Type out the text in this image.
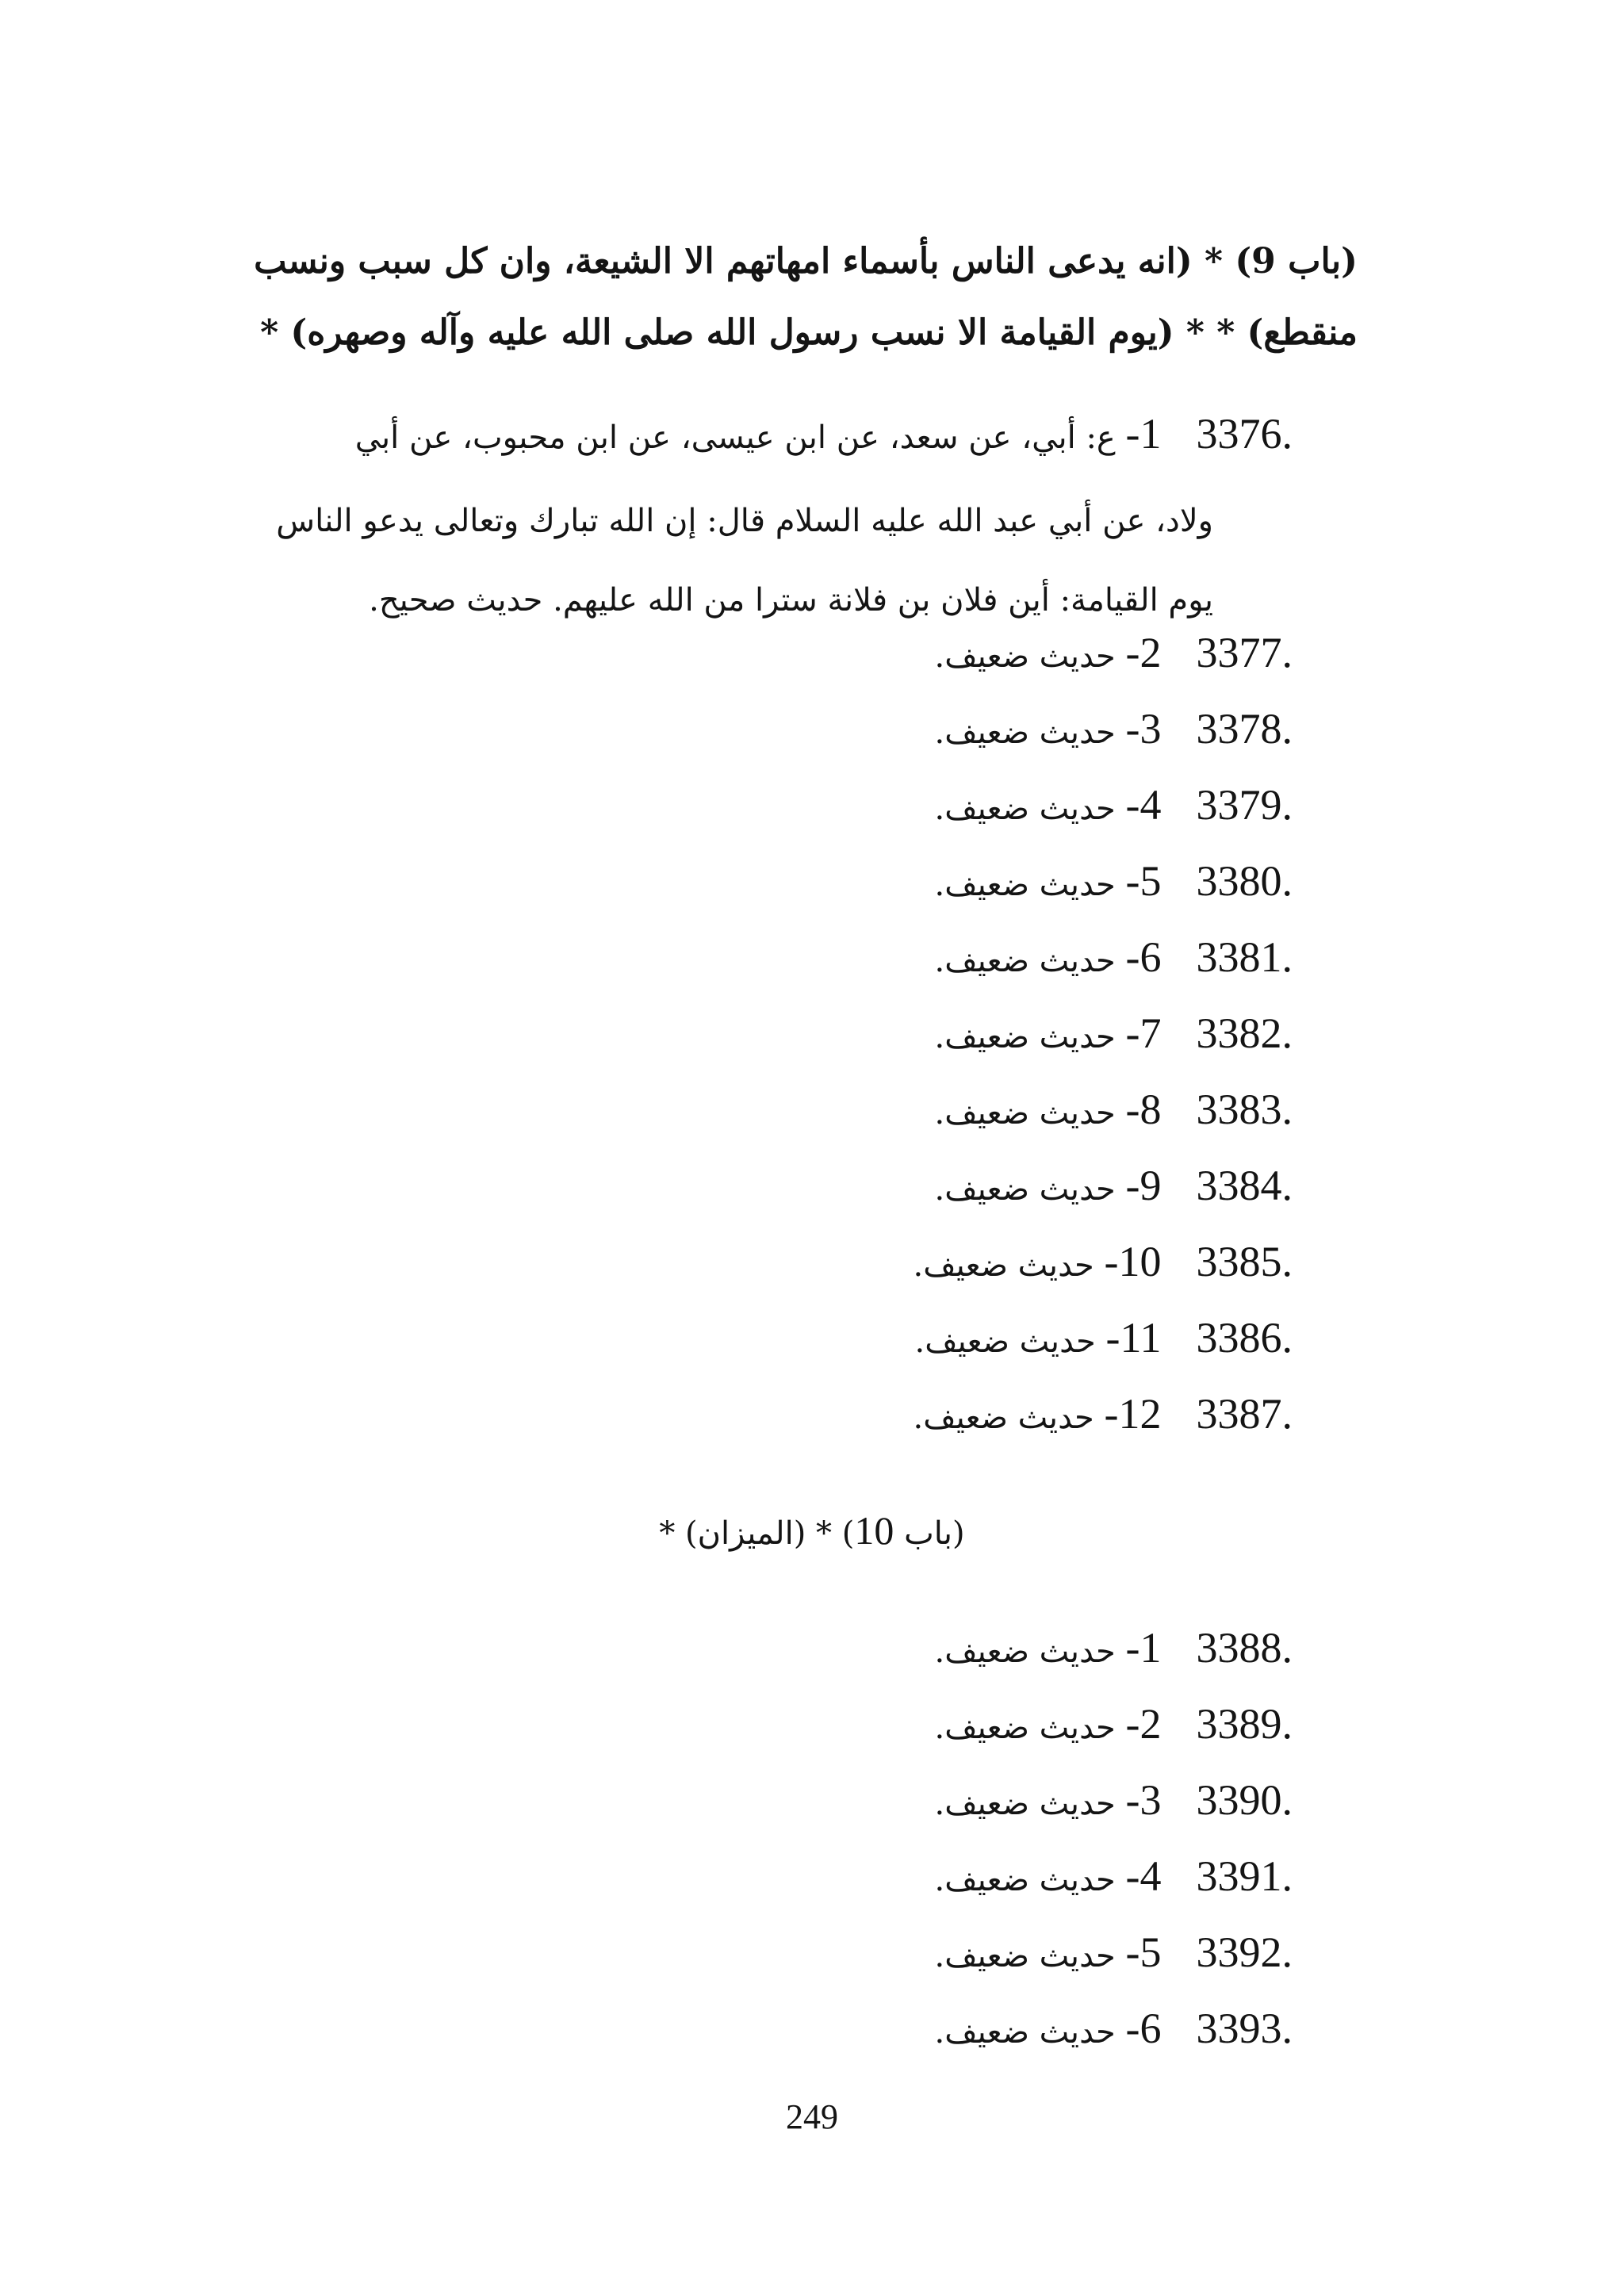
(باب 9) * (انه يدعى الناس بأسماء امهاتهم الا الشيعة، وان كل سبب ونسب

منقطع) * * (يوم القيامة الا نسب رسول الله صلى الله عليه وآله وصهره) *

3376.1- ع: أبي، عن سعد، عن ابن عيسى، عن ابن محبوب، عن أبي
ولاد، عن أبي عبد الله عليه السلام قال: إن الله تبارك وتعالى يدعو الناس
يوم القيامة: أين فلان بن فلانة سترا من الله عليهم. حديث صحيح.
3377.2- حديث ضعيف.
3378.3- حديث ضعيف.
3379.4- حديث ضعيف.
3380.5- حديث ضعيف.
3381.6- حديث ضعيف.
3382.7- حديث ضعيف.
3383.8- حديث ضعيف.
3384.9- حديث ضعيف.
3385.10- حديث ضعيف.
3386.11- حديث ضعيف.
3387.12- حديث ضعيف.
(باب 10) * (الميزان) *
3388.1- حديث ضعيف.
3389.2- حديث ضعيف.
3390.3- حديث ضعيف.
3391.4- حديث ضعيف.
3392.5- حديث ضعيف.
3393.6- حديث ضعيف.
249
